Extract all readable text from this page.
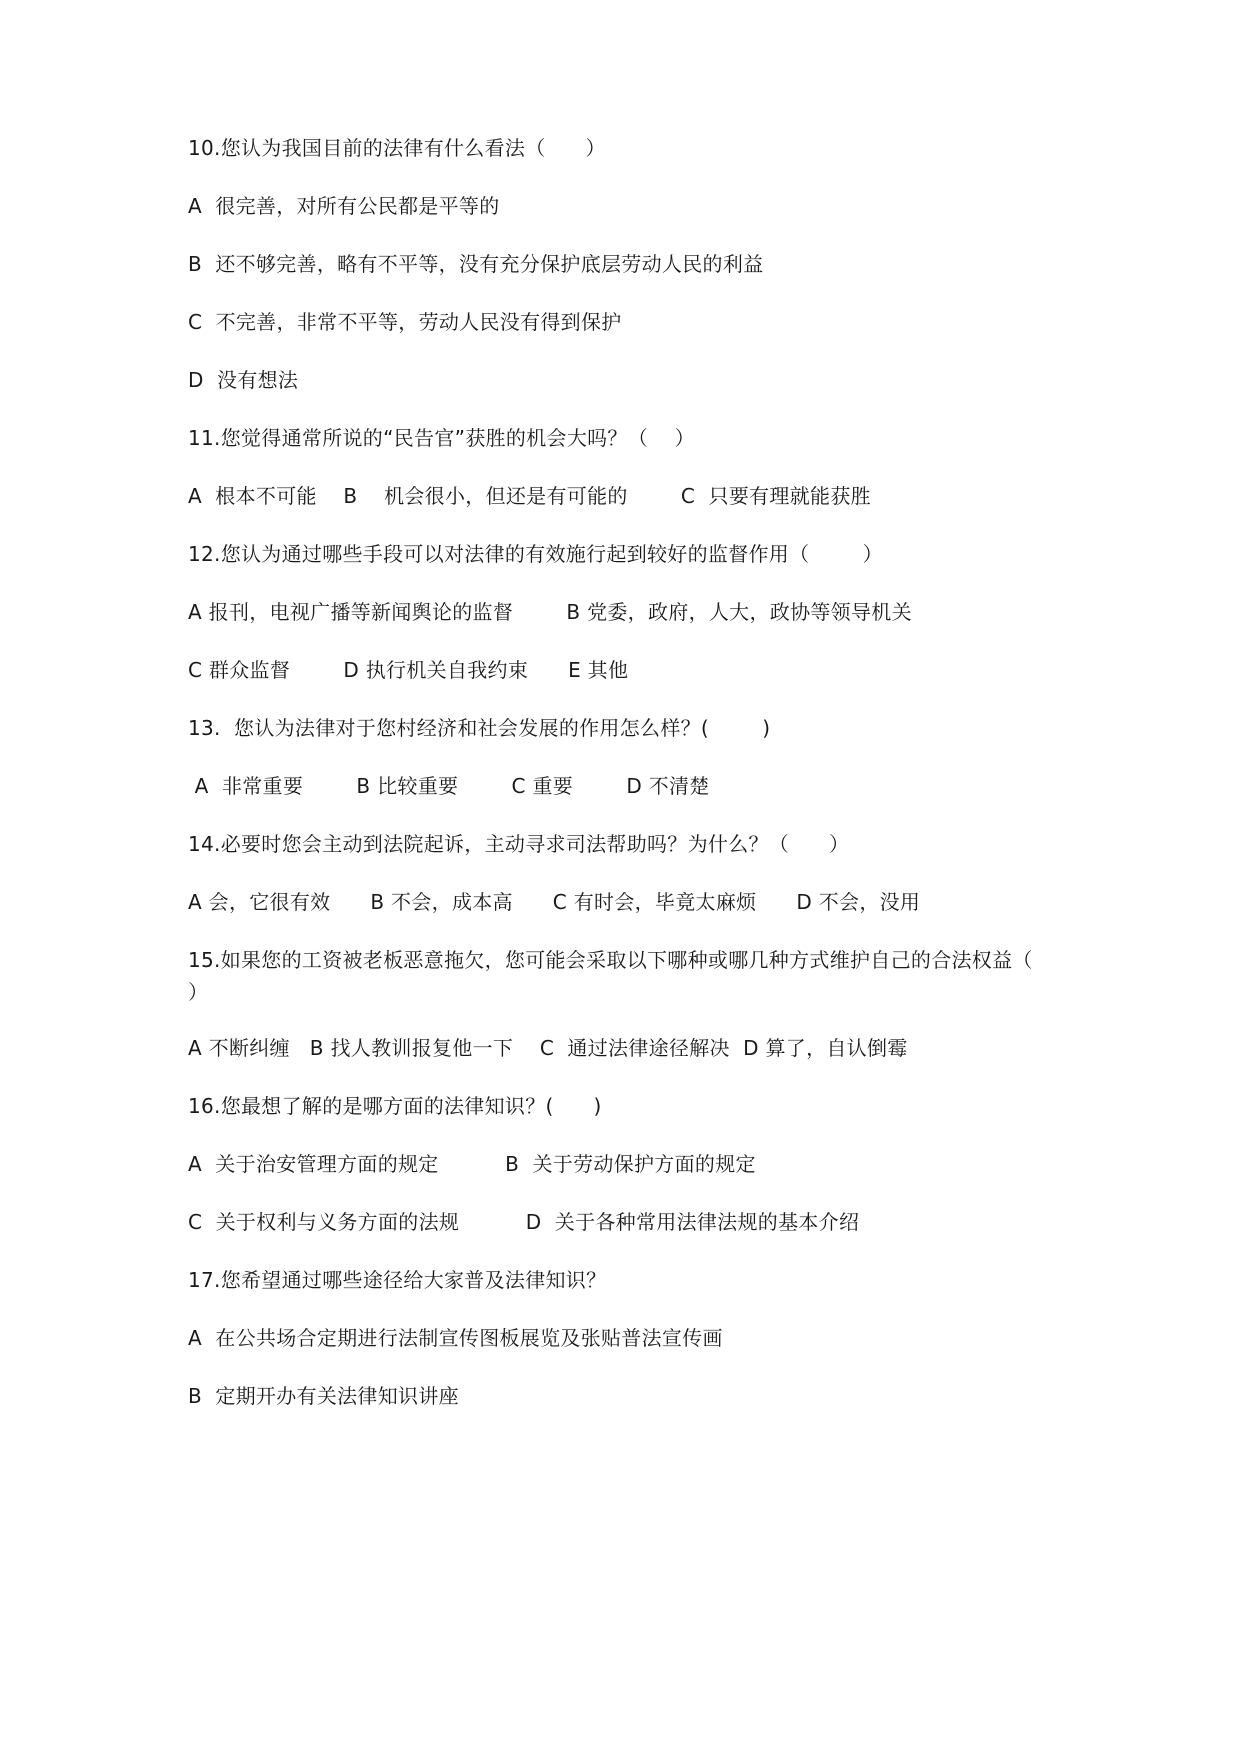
10.您认为我国目前的法律有什么看法（      ）
A  很完善，对所有公民都是平等的
B  还不够完善，略有不平等，没有充分保护底层劳动人民的利益
C  不完善，非常不平等，劳动人民没有得到保护
D  没有想法
11.您觉得通常所说的“民告官”获胜的机会大吗？（    ）
A  根本不可能    B    机会很小，但还是有可能的        C  只要有理就能获胜
12.您认为通过哪些手段可以对法律的有效施行起到较好的监督作用（        ）
A 报刊，电视广播等新闻舆论的监督        B 党委，政府，人大，政协等领导机关
C 群众监督        D 执行机关自我约束      E 其他
13.  您认为法律对于您村经济和社会发展的作用怎么样？(        )
A  非常重要        B 比较重要        C 重要        D 不清楚
14.必要时您会主动到法院起诉，主动寻求司法帮助吗？为什么？（      ）
A 会，它很有效      B 不会，成本高      C 有时会，毕竟太麻烦      D 不会，没用
15.如果您的工资被老板恶意拖欠，您可能会采取以下哪种或哪几种方式维护自己的合法权益（    ）
A 不断纠缠   B 找人教训报复他一下    C  通过法律途径解决  D 算了，自认倒霉
16.您最想了解的是哪方面的法律知识？(      )
A  关于治安管理方面的规定          B  关于劳动保护方面的规定
C  关于权利与义务方面的法规          D  关于各种常用法律法规的基本介绍
17.您希望通过哪些途径给大家普及法律知识？
A  在公共场合定期进行法制宣传图板展览及张贴普法宣传画
B  定期开办有关法律知识讲座
